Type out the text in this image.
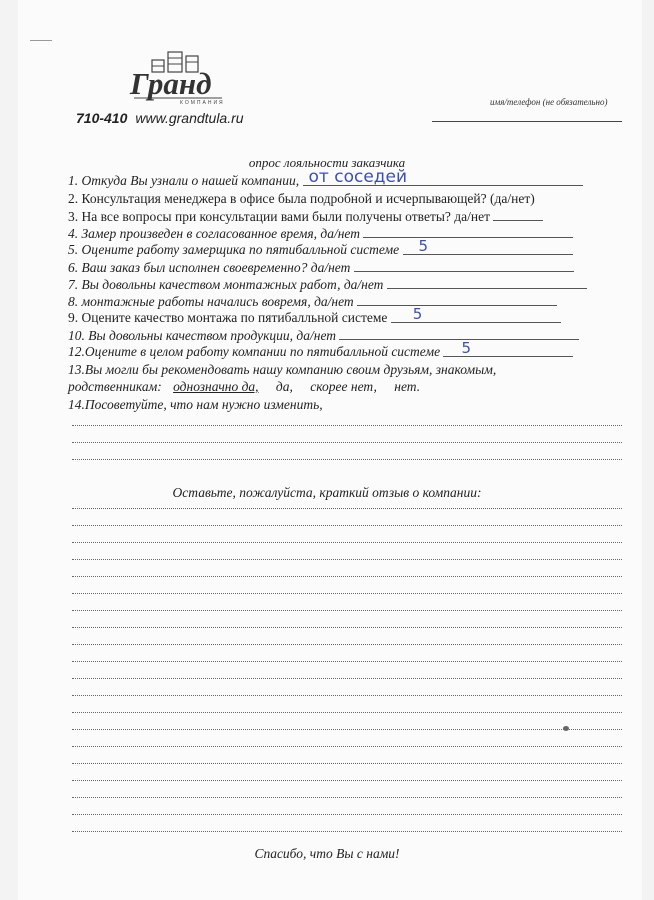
Гранд
КОМПАНИЯ
710-410 www.grandtula.ru
имя/телефон (не обязательно)
опрос лояльности заказчика
1. Откуда Вы узнали о нашей компании, от соседей
2. Консультация менеджера в офисе была подробной и исчерпывающей? (да/нет)
3. На все вопросы при консультации вами были получены ответы? да/нет
4. Замер произведен в согласованное время, да/нет
5. Оцените работу замерщика по пятибалльной системе 5
6. Ваш заказ был исполнен своевременно? да/нет
7. Вы довольны качеством монтажных работ, да/нет
8. монтажные работы начались вовремя, да/нет
9. Оцените качество монтажа по пятибалльной системе 5
10. Вы довольны качеством продукции, да/нет
12.Оцените в целом работу компании по пятибалльной системе 5
13.Вы могли бы рекомендовать нашу компанию своим друзьям, знакомым,
родственникам: однозначно да, да, скорее нет, нет.
14.Посоветуйте, что нам нужно изменить,
Оставьте, пожалуйста, краткий отзыв о компании:
Спасибо, что Вы с нами!
